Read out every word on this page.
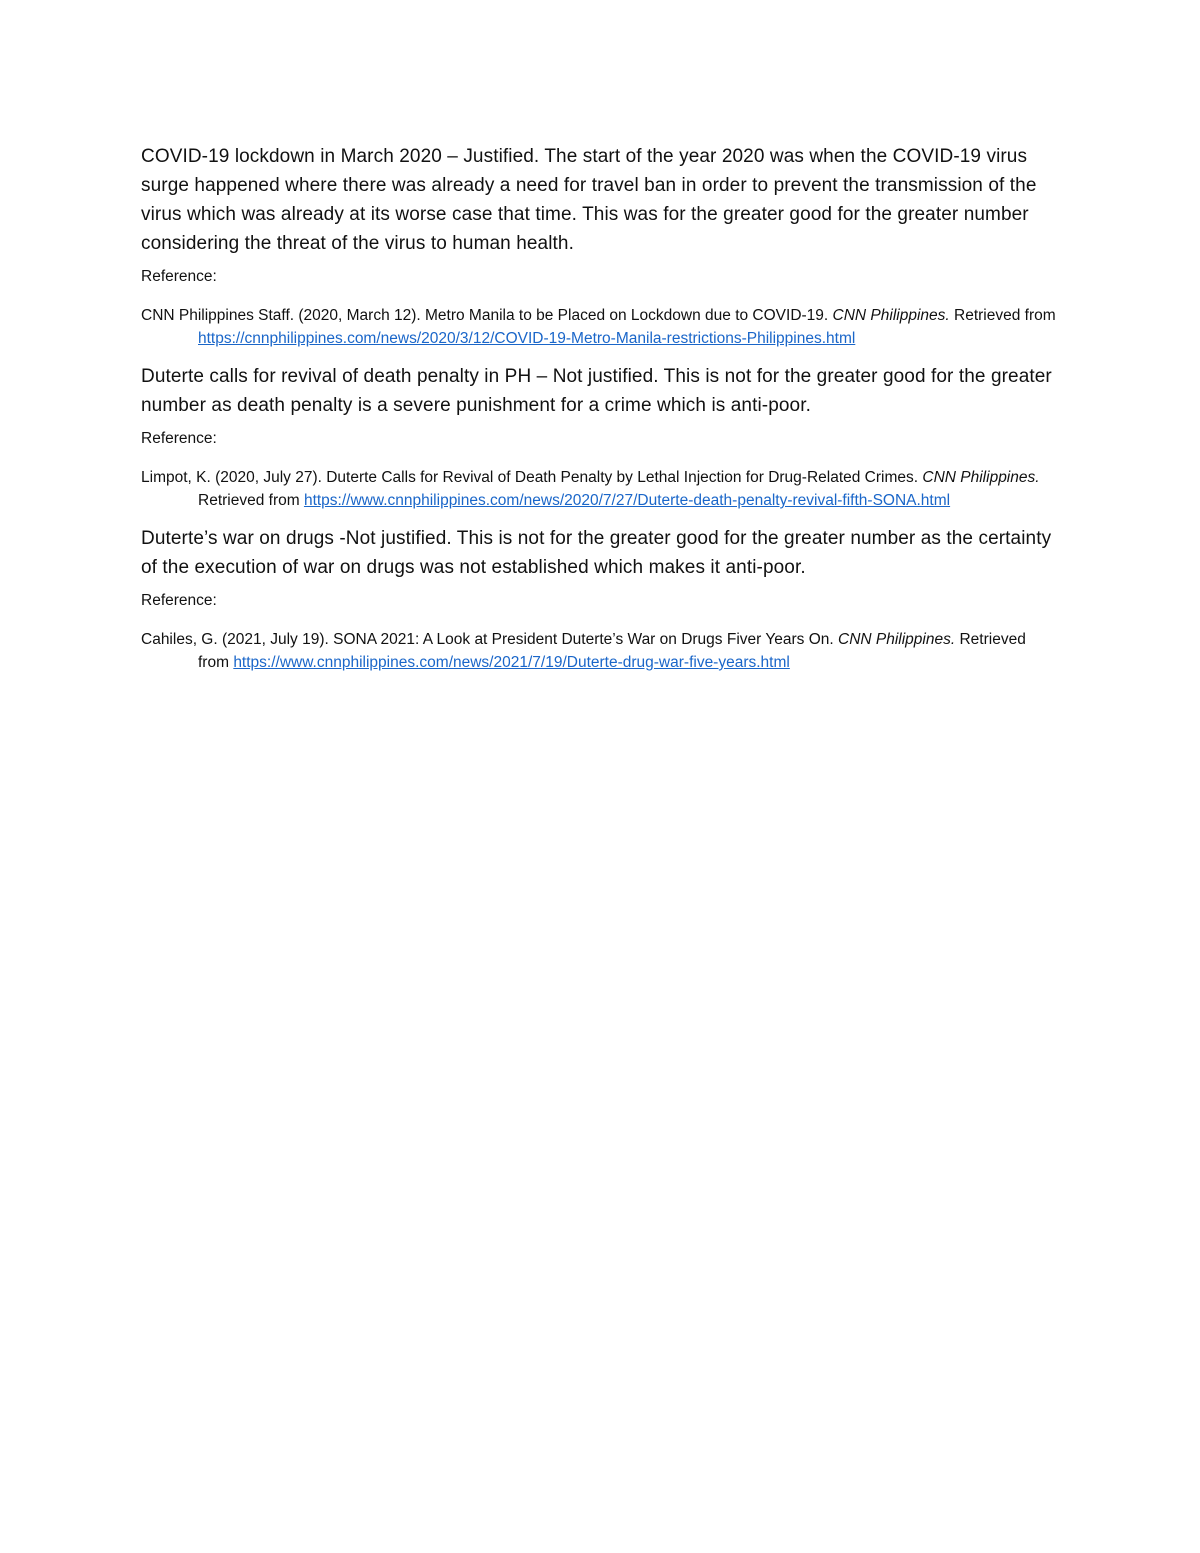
COVID-19 lockdown in March 2020 – Justified. The start of the year 2020 was when the COVID-19 virus surge happened where there was already a need for travel ban in order to prevent the transmission of the virus which was already at its worse case that time. This was for the greater good for the greater number considering the threat of the virus to human health.

Reference:

CNN Philippines Staff. (2020, March 12). Metro Manila to be Placed on Lockdown due to COVID-19. CNN Philippines. Retrieved from https://cnnphilippines.com/news/2020/3/12/COVID-19-Metro-Manila-restrictions-Philippines.html

Duterte calls for revival of death penalty in PH – Not justified. This is not for the greater good for the greater number as death penalty is a severe punishment for a crime which is anti-poor.

Reference:

Limpot, K. (2020, July 27). Duterte Calls for Revival of Death Penalty by Lethal Injection for Drug-Related Crimes. CNN Philippines. Retrieved from https://www.cnnphilippines.com/news/2020/7/27/Duterte-death-penalty-revival-fifth-SONA.html

Duterte’s war on drugs -Not justified. This is not for the greater good for the greater number as the certainty of the execution of war on drugs was not established which makes it anti-poor.

Reference:

Cahiles, G. (2021, July 19). SONA 2021: A Look at President Duterte’s War on Drugs Fiver Years On. CNN Philippines. Retrieved from https://www.cnnphilippines.com/news/2021/7/19/Duterte-drug-war-five-years.html
